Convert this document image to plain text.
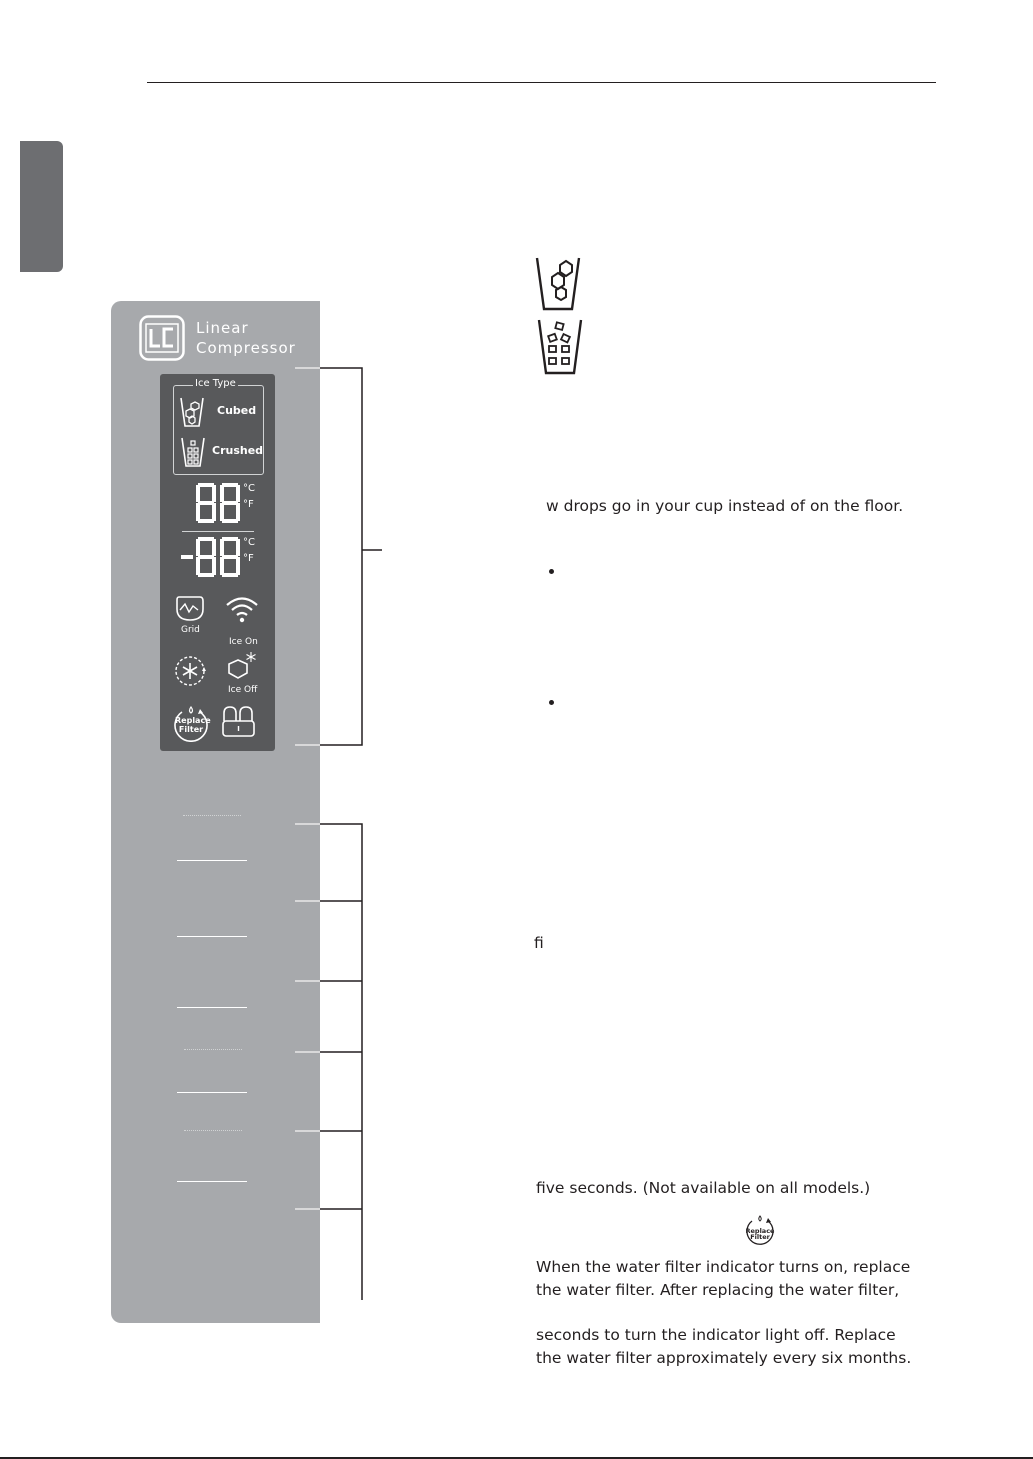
Linear
Compressor
Ice Type
Cubed
Crushed
°C
°F
°C
°F
Grid
Ice On
Ice Off
Replace
Filter
w drops go in your cup instead of on the floor.
fi
five seconds. (Not available on all models.)
Replace
Filter
When the water filter indicator turns on, replace
the water filter. After replacing the water filter,
seconds to turn the indicator light off. Replace
the water filter approximately every six months.
